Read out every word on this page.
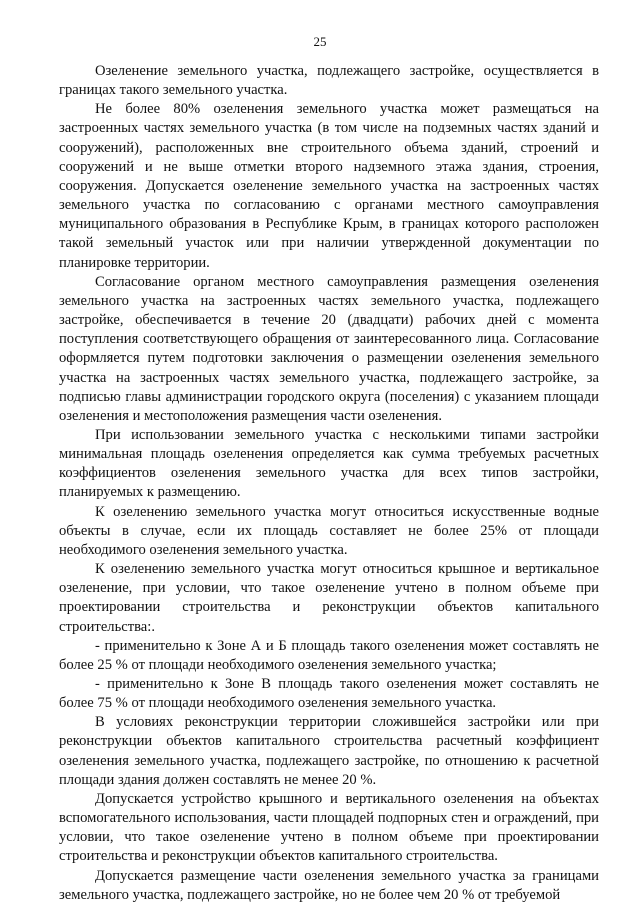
25

Озеленение земельного участка, подлежащего застройке, осуществляется в границах такого земельного участка.

Не более 80% озеленения земельного участка может размещаться на застроенных частях земельного участка (в том числе на подземных частях зданий и сооружений), расположенных вне строительного объема зданий, строений и сооружений и не выше отметки второго надземного этажа здания, строения, сооружения. Допускается озеленение земельного участка на застроенных частях земельного участка по согласованию с органами местного самоуправления муниципального образования в Республике Крым, в границах которого расположен такой земельный участок или при наличии утвержденной документации по планировке территории.

Согласование органом местного самоуправления размещения озеленения земельного участка на застроенных частях земельного участка, подлежащего застройке, обеспечивается в течение 20 (двадцати) рабочих дней с момента поступления соответствующего обращения от заинтересованного лица. Согласование оформляется путем подготовки заключения о размещении озеленения земельного участка на застроенных частях земельного участка, подлежащего застройке, за подписью главы администрации городского округа (поселения) с указанием площади озеленения и местоположения размещения части озеленения.

При использовании земельного участка с несколькими типами застройки минимальная площадь озеленения определяется как сумма требуемых расчетных коэффициентов озеленения земельного участка для всех типов застройки, планируемых к размещению.

К озеленению земельного участка могут относиться искусственные водные объекты в случае, если их площадь составляет не более 25% от площади необходимого озеленения земельного участка.

К озеленению земельного участка могут относиться крышное и вертикальное озеленение, при условии, что такое озеленение учтено в полном объеме при проектировании строительства и реконструкции объектов капитального строительства:.

- применительно к Зоне А и Б площадь такого озеленения может составлять не более 25 % от площади необходимого озеленения земельного участка;

- применительно к Зоне В площадь такого озеленения может составлять не более 75 % от площади необходимого озеленения земельного участка.

В условиях реконструкции территории сложившейся застройки или при реконструкции объектов капитального строительства расчетный коэффициент озеленения земельного участка, подлежащего застройке, по отношению к расчетной площади здания должен составлять не менее 20 %.

Допускается устройство крышного и вертикального озеленения на объектах вспомогательного использования, части площадей подпорных стен и ограждений, при условии, что такое озеленение учтено в полном объеме при проектировании строительства и реконструкции объектов капитального строительства.

Допускается размещение части озеленения земельного участка за границами земельного участка, подлежащего застройке, но не более чем 20 % от требуемой
